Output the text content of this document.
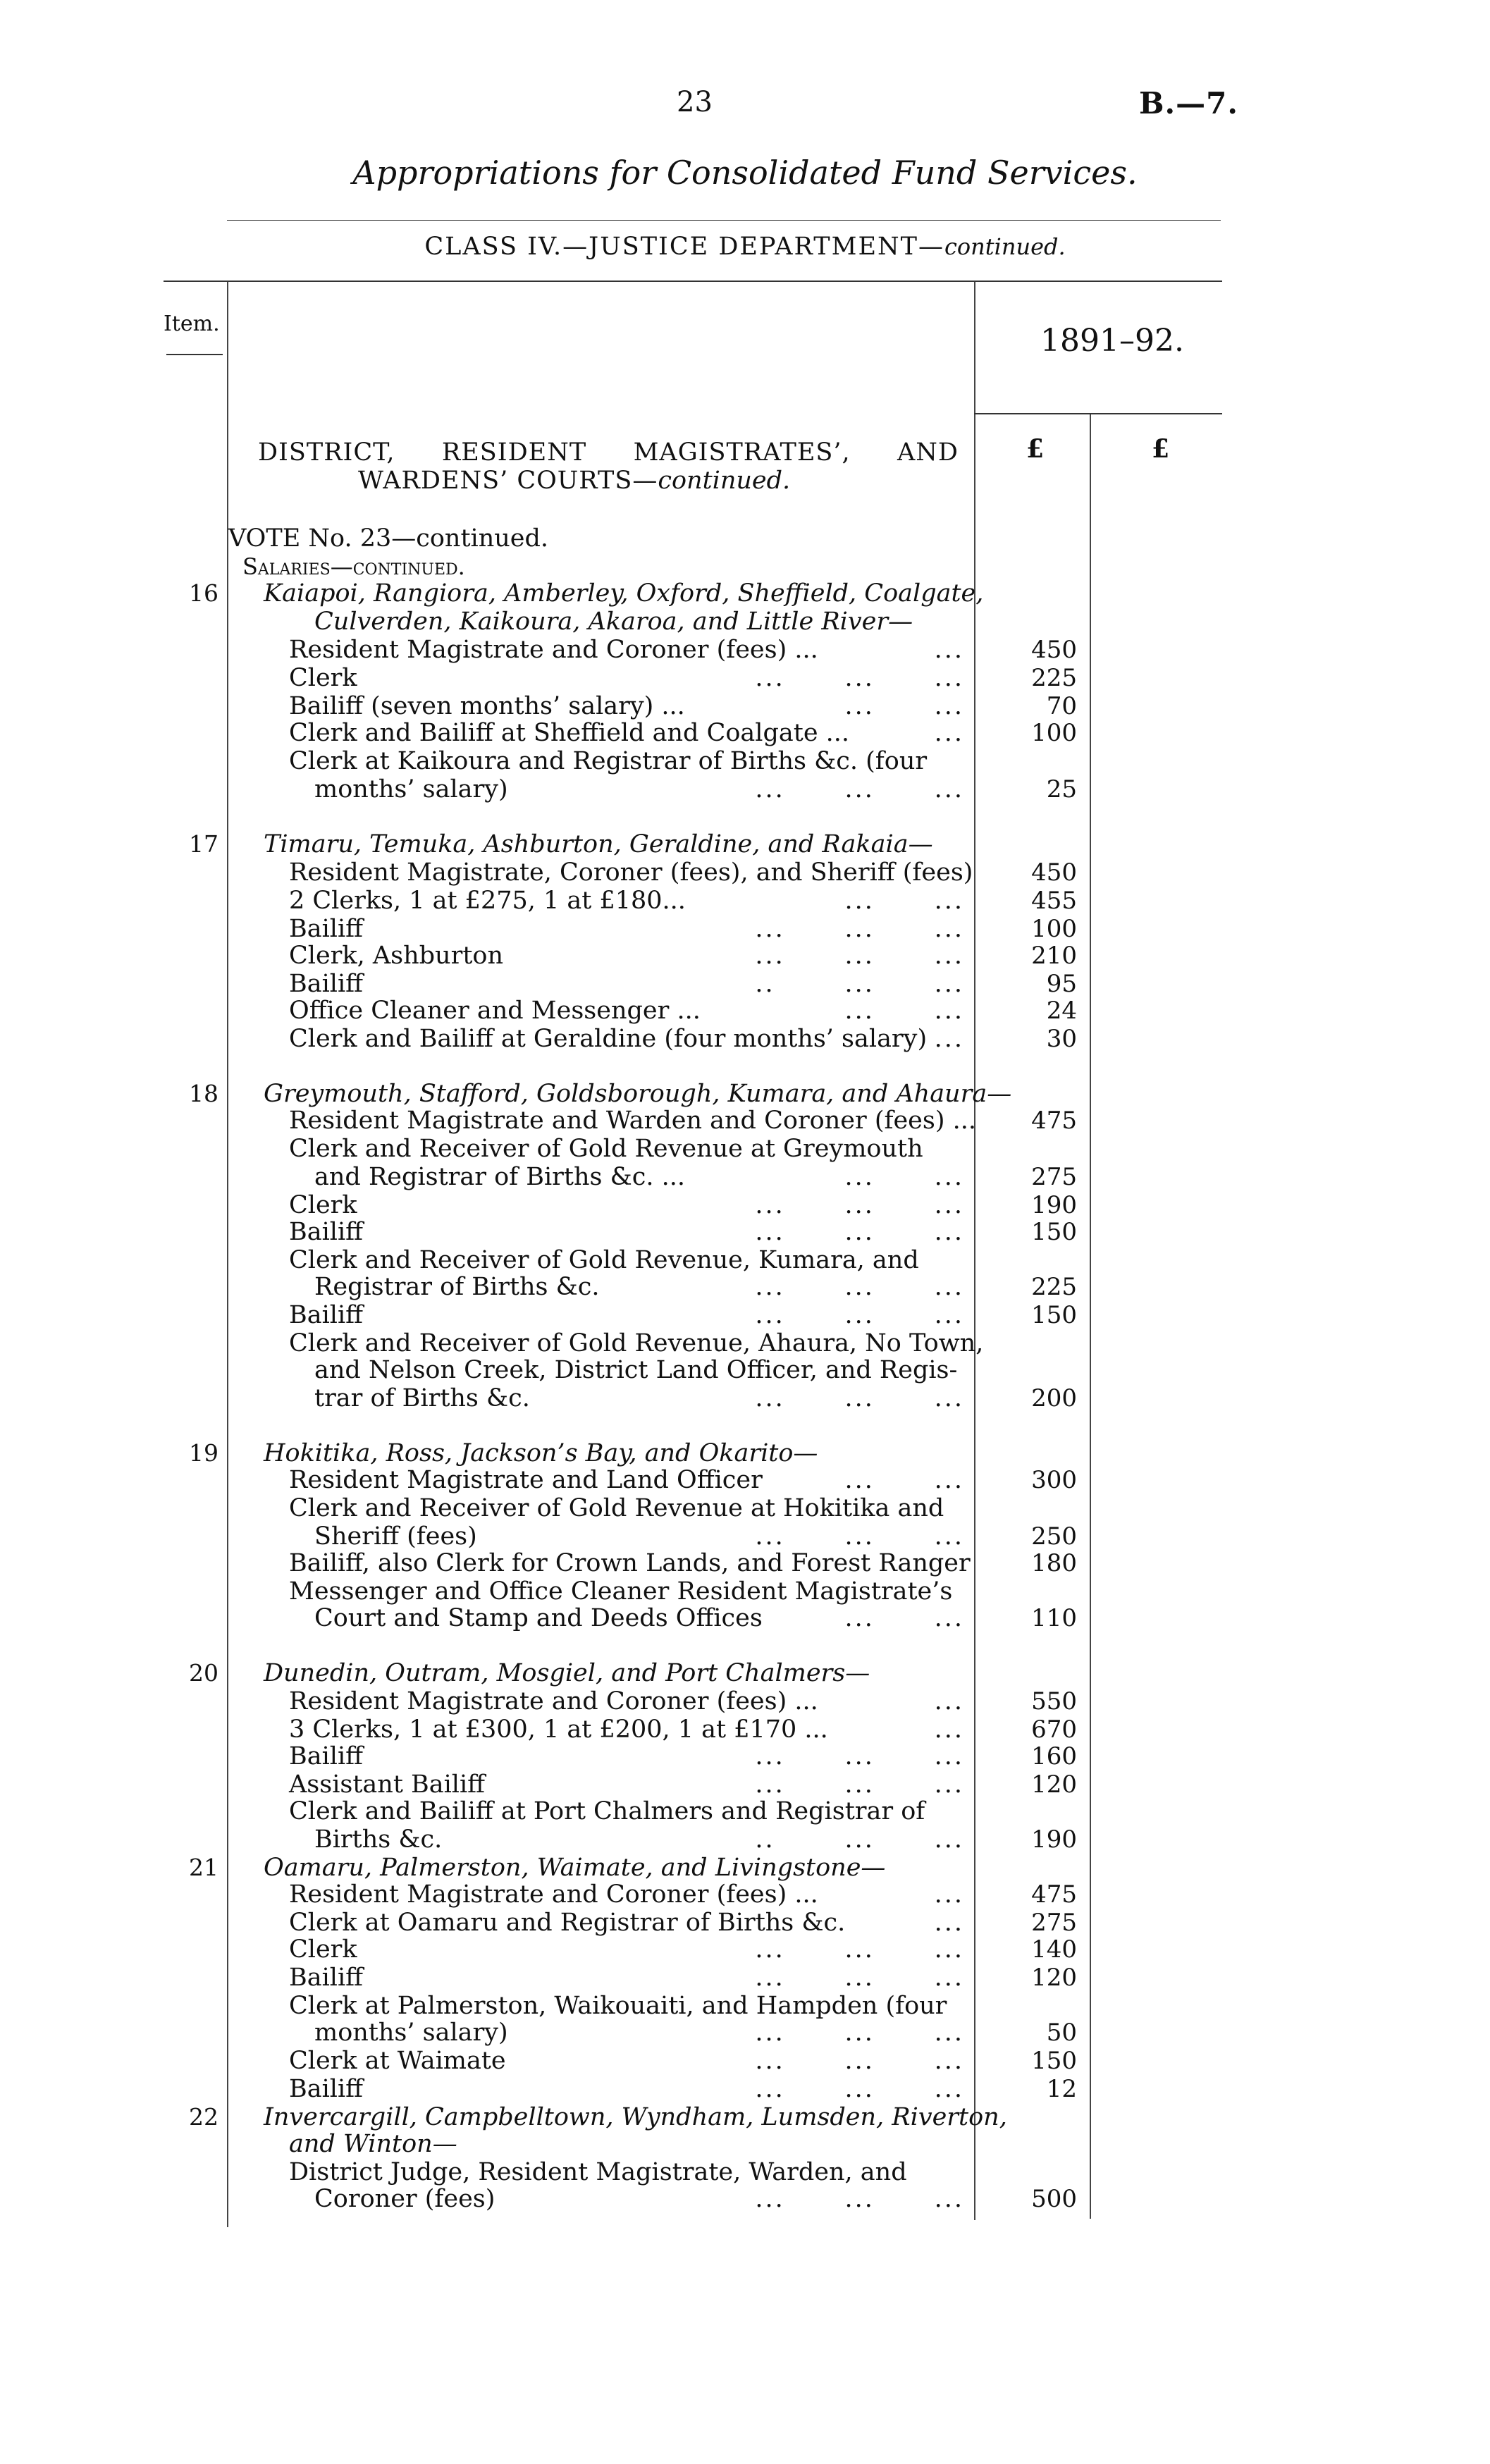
23	B.—7.
Appropriations for Consolidated Fund Services.
CLASS IV.—JUSTICE DEPARTMENT—continued.
Item.	1891–92.
£	£
DISTRICT, RESIDENT MAGISTRATES’, AND
WARDENS’ COURTS—continued.
VOTE No. 23—continued.
Salaries—continued.
16 Kaiapoi, Rangiora, Amberley, Oxford, Sheffield, Coalgate,
Culverden, Kaikoura, Akaroa, and Little River—
Resident Magistrate and Coroner (fees) ...	...	450
Clerk	...      ...      ...	225
Bailiff (seven months’ salary) ...	...      ...	70
Clerk and Bailiff at Sheffield and Coalgate ...	...	100
Clerk at Kaikoura and Registrar of Births &c. (four
months’ salary)	...      ...      ...	25
17 Timaru, Temuka, Ashburton, Geraldine, and Rakaia—
Resident Magistrate, Coroner (fees), and Sheriff (fees)	450
2 Clerks, 1 at £275, 1 at £180...	...      ...	455
Bailiff	...      ...      ...	100
Clerk, Ashburton	...      ...      ...	210
Bailiff	..       ...      ...	95
Office Cleaner and Messenger ...	...      ...	24
Clerk and Bailiff at Geraldine (four months’ salary) ...	30
18 Greymouth, Stafford, Goldsborough, Kumara, and Ahaura—
Resident Magistrate and Warden and Coroner (fees) ...	475
Clerk and Receiver of Gold Revenue at Greymouth
and Registrar of Births &c. ...	...      ...	275
Clerk	...      ...      ...	190
Bailiff	...      ...      ...	150
Clerk and Receiver of Gold Revenue, Kumara, and
Registrar of Births &c.	...      ...      ...	225
Bailiff	...      ...      ...	150
Clerk and Receiver of Gold Revenue, Ahaura, No Town,
and Nelson Creek, District Land Officer, and Regis-
trar of Births &c.	...      ...      ...	200
19 Hokitika, Ross, Jackson’s Bay, and Okarito—
Resident Magistrate and Land Officer	...      ...	300
Clerk and Receiver of Gold Revenue at Hokitika and
Sheriff (fees)	...      ...      ...	250
Bailiff, also Clerk for Crown Lands, and Forest Ranger	180
Messenger and Office Cleaner Resident Magistrate’s
Court and Stamp and Deeds Offices	...      ...	110
20 Dunedin, Outram, Mosgiel, and Port Chalmers—
Resident Magistrate and Coroner (fees) ...	...	550
3 Clerks, 1 at £300, 1 at £200, 1 at £170 ...	...	670
Bailiff	...      ...      ...	160
Assistant Bailiff	...      ...      ...	120
Clerk and Bailiff at Port Chalmers and Registrar of
Births &c.	..       ...      ...	190
21 Oamaru, Palmerston, Waimate, and Livingstone—
Resident Magistrate and Coroner (fees) ...	...	475
Clerk at Oamaru and Registrar of Births &c.	...	275
Clerk	...      ...      ...	140
Bailiff	...      ...      ...	120
Clerk at Palmerston, Waikouaiti, and Hampden (four
months’ salary)	...      ...      ...	50
Clerk at Waimate	...      ...      ...	150
Bailiff	...      ...      ...	12
22 Invercargill, Campbelltown, Wyndham, Lumsden, Riverton,
and Winton—
District Judge, Resident Magistrate, Warden, and
Coroner (fees)	...      ...      ...	500
